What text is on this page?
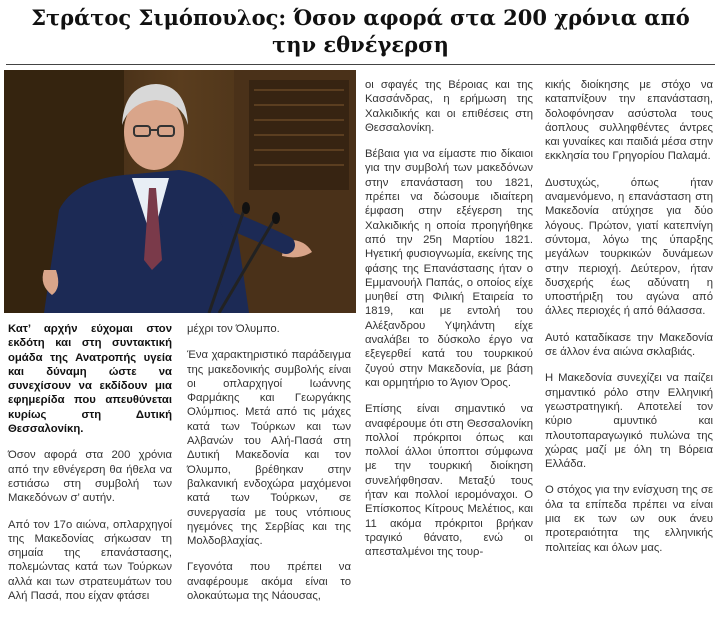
Στράτος Σιμόπουλος: Όσον αφορά στα 200 χρόνια από την εθνέγερση

Κατ’ αρχήν εύχομαι στον εκδότη και στη συντακτική ομάδα της Ανατροπής υγεία και δύναμη ώστε να συνεχίσουν να εκδίδουν μια εφημερίδα που απευθύνεται κυρίως στη Δυτική Θεσσαλονίκη.

Όσον αφορά στα 200 χρόνια από την εθνέγερση θα ήθελα να εστιάσω στη συμβολή των Μακεδόνων σ’ αυτήν.

Από τον 17ο αιώνα, οπλαρχηγοί της Μακεδονίας σήκωσαν τη σημαία της επανάστασης, πολεμώντας κατά των Τούρκων αλλά και των στρατευμάτων του Αλή Πασά, που είχαν φτάσει

μέχρι τον Όλυμπο.

Ένα χαρακτηριστικό παράδειγμα της μακεδονικής συμβολής είναι οι οπλαρχηγοί Ιωάννης Φαρμάκης και Γεωργάκης Ολύμπιος. Μετά από τις μάχες κατά των Τούρκων και των Αλβανών του Αλή-Πασά στη Δυτική Μακεδονία και τον Όλυμπο, βρέθηκαν στην βαλκανική ενδοχώρα μαχόμενοι κατά των Τούρκων, σε συνεργασία με τους ντόπιους ηγεμόνες της Σερβίας και της Μολδοβλαχίας.

Γεγονότα που πρέπει να αναφέρουμε ακόμα είναι το ολοκαύτωμα της Νάουσας,

οι σφαγές της Βέροιας και της Κασσάνδρας, η ερήμωση της Χαλκιδικής και οι επιθέσεις στη Θεσσαλονίκη.

Βέβαια για να είμαστε πιο δίκαιοι για την συμβολή των μακεδόνων στην επανάσταση του 1821, πρέπει να δώσουμε ιδιαίτερη έμφαση στην εξέγερση της Χαλκιδικής η οποία προηγήθηκε από την 25η Μαρτίου 1821. Ηγετική φυσιογνωμία, εκείνης της φάσης της Επανάστασης ήταν ο Εμμανουήλ Παπάς, ο οποίος είχε μυηθεί στη Φιλική Εταιρεία το 1819, και με εντολή του Αλέξανδρου Υψηλάντη είχε αναλάβει το δύσκολο έργο να εξεγερθεί κατά του τουρκικού ζυγού στην Μακεδονία, με βάση και ορμητήριο το Άγιον Όρος.

Επίσης είναι σημαντικό να αναφέρουμε ότι στη Θεσσαλονίκη πολλοί πρόκριτοι όπως και πολλοί άλλοι ύποπτοι σύμφωνα με την τουρκική διοίκηση συνελήφθησαν. Μεταξύ τους ήταν και πολλοί ιερομόναχοι. Ο Επίσκοπος Κίτρους Μελέτιος, και 11 ακόμα πρόκριτοι βρήκαν τραγικό θάνατο, ενώ οι απεσταλμένοι της τουρ-

κικής διοίκησης με στόχο να καταπνίξουν την επανάσταση, δολοφόνησαν ασύστολα τους άοπλους συλληφθέντες άντρες και γυναίκες και παιδιά μέσα στην εκκλησία του Γρηγορίου Παλαμά.

Δυστυχώς, όπως ήταν αναμενόμενο, η επανάσταση στη Μακεδονία ατύχησε για δύο λόγους. Πρώτον, γιατί κατεπνίγη σύντομα, λόγω της ύπαρξης μεγάλων τουρκικών δυνάμεων στην περιοχή. Δεύτερον, ήταν δυσχερής έως αδύνατη η υποστήριξη του αγώνα από άλλες περιοχές ή από θάλασσα.

Αυτό καταδίκασε την Μακεδονία σε άλλον ένα αιώνα σκλαβιάς.

Η Μακεδονία συνεχίζει να παίζει σημαντικό ρόλο στην Ελληνική γεωστρατηγική. Αποτελεί τον κύριο αμυντικό και πλουτοπαραγωγικό πυλώνα της χώρας μαζί με όλη τη Βόρεια Ελλάδα.

Ο στόχος για την ενίσχυση της σε όλα τα επίπεδα πρέπει να είναι μια εκ των ων ουκ άνευ προτεραιότητα της ελληνικής πολιτείας και όλων μας.
